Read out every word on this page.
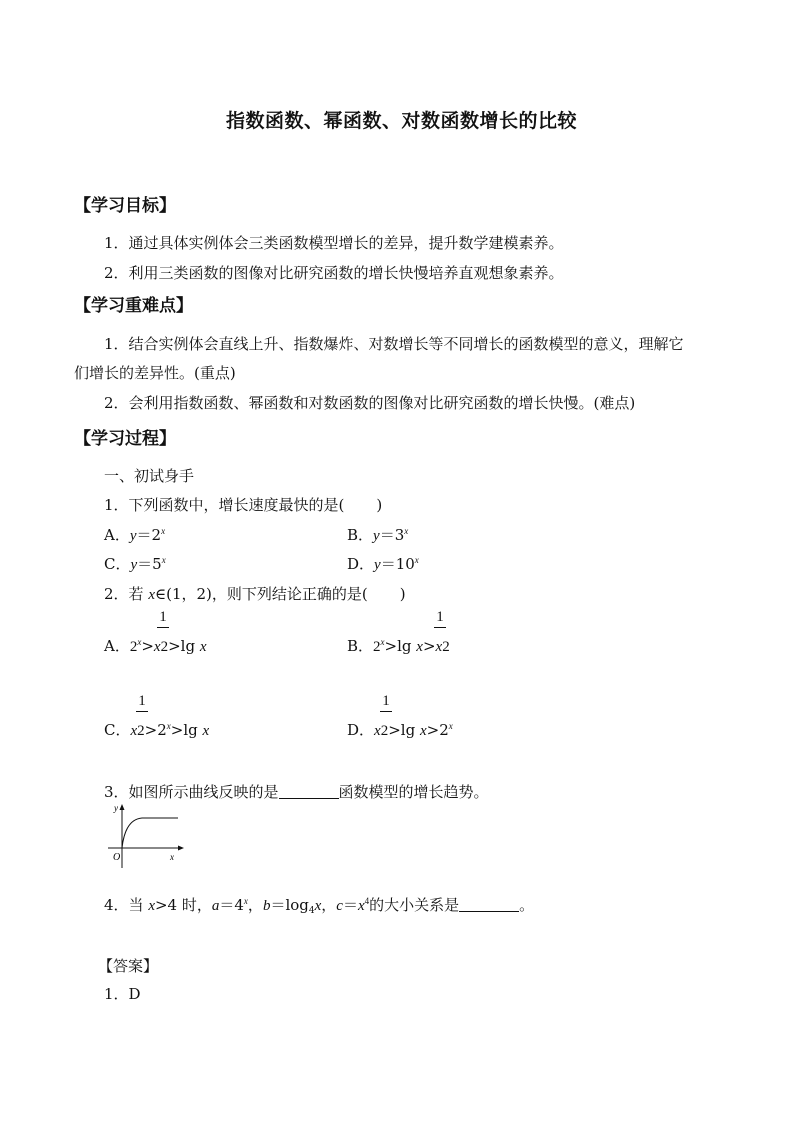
指数函数、幂函数、对数函数增长的比较
【学习目标】
1．通过具体实例体会三类函数模型增长的差异，提升数学建模素养。
2．利用三类函数的图像对比研究函数的增长快慢培养直观想象素养。
【学习重难点】
1．结合实例体会直线上升、指数爆炸、对数增长等不同增长的函数模型的意义，理解它
们增长的差异性。(重点)
2．会利用指数函数、幂函数和对数函数的图像对比研究函数的增长快慢。(难点)
【学习过程】
一、初试身手
1．下列函数中，增长速度最快的是( )
A．$y=2^x$	B．$y=3^x$
C．$y=5^x$	D．$y=10^x$
2．若 x∈(1，2)，则下列结论正确的是( )
1
A．$2^x>x2>\lg$ x
1
B．$2^x>\lg$ x>x2
1
C．$x2>2^x>\lg$ x
1
D．x2>lg $x>2^x$
3．如图所示曲线反映的是	函数模型的增长趋势。
y
x
O
4．当 x>4 时，$a=4^x$，$b=\log_4x$，$c=x^4$的大小关系是	。
【答案】
1．D
